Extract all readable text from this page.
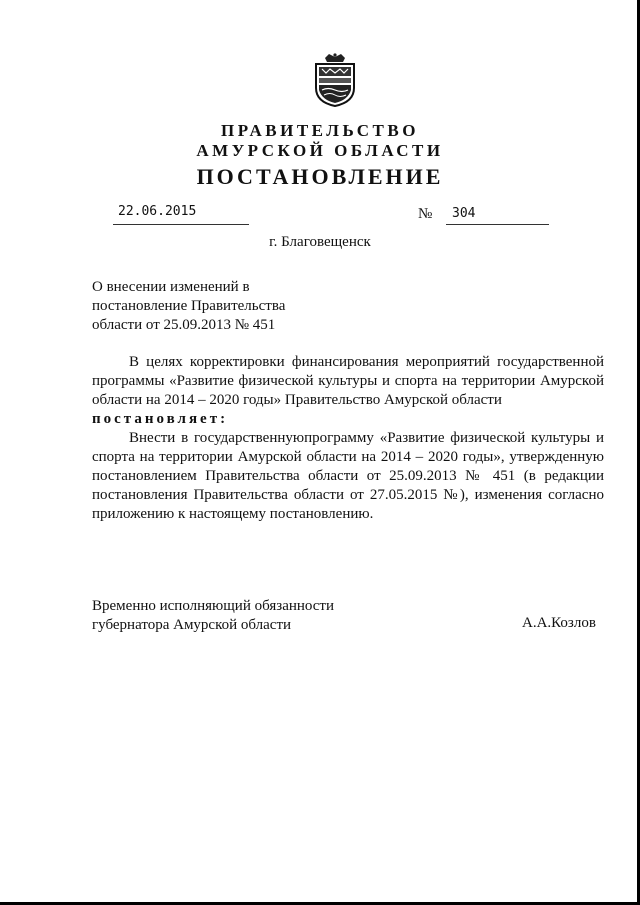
ПРАВИТЕЛЬСТВО
АМУРСКОЙ ОБЛАСТИ
ПОСТАНОВЛЕНИЕ
22.06.2015	№ 304
г. Благовещенск
О внесении изменений в
постановление Правительства
области от 25.09.2013 № 451
В целях корректировки финансирования мероприятий государственной программы «Развитие физической культуры и спорта на территории Амурской области на 2014 – 2020 годы» Правительство Амурской области
постановляет:
Внести в государственнуюпрограмму «Развитие физической культуры и спорта на территории Амурской области на 2014 – 2020 годы», утвержденную постановлением Правительства области от 25.09.2013 № 451 (в редакции постановления Правительства области от 27.05.2015 №), изменения согласно приложению к настоящему постановлению.
Временно исполняющий обязанности
губернатора Амурской области	А.А.Козлов
